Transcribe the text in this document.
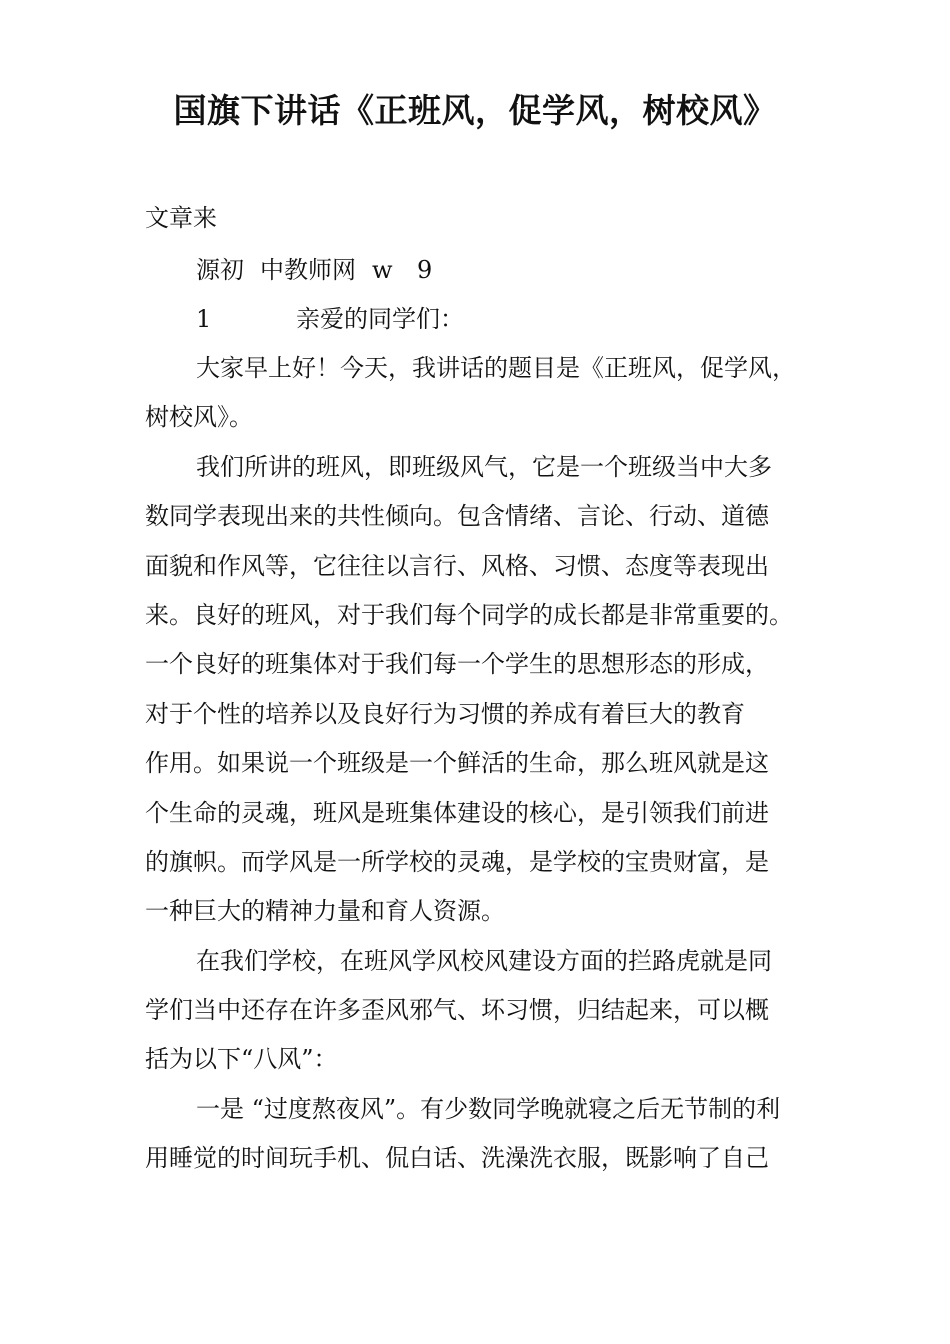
国旗下讲话《正班风，促学风，树校风》
文章来
源初 中教师网 w 9
1	亲爱的同学们：
大家早上好！今天，我讲话的题目是《正班风，促学风，
树校风》。
我们所讲的班风，即班级风气，它是一个班级当中大多
数同学表现出来的共性倾向。包含情绪、言论、行动、道德
面貌和作风等，它往往以言行、风格、习惯、态度等表现出
来。良好的班风，对于我们每个同学的成长都是非常重要的。
一个良好的班集体对于我们每一个学生的思想形态的形成，
对于个性的培养以及良好行为习惯的养成有着巨大的教育
作用。如果说一个班级是一个鲜活的生命，那么班风就是这
个生命的灵魂，班风是班集体建设的核心，是引领我们前进
的旗帜。而学风是一所学校的灵魂，是学校的宝贵财富，是
一种巨大的精神力量和育人资源。
在我们学校，在班风学风校风建设方面的拦路虎就是同
学们当中还存在许多歪风邪气、坏习惯，归结起来，可以概
括为以下“八风”：
一是 “过度熬夜风”。有少数同学晚就寝之后无节制的利
用睡觉的时间玩手机、侃白话、洗澡洗衣服，既影响了自己
